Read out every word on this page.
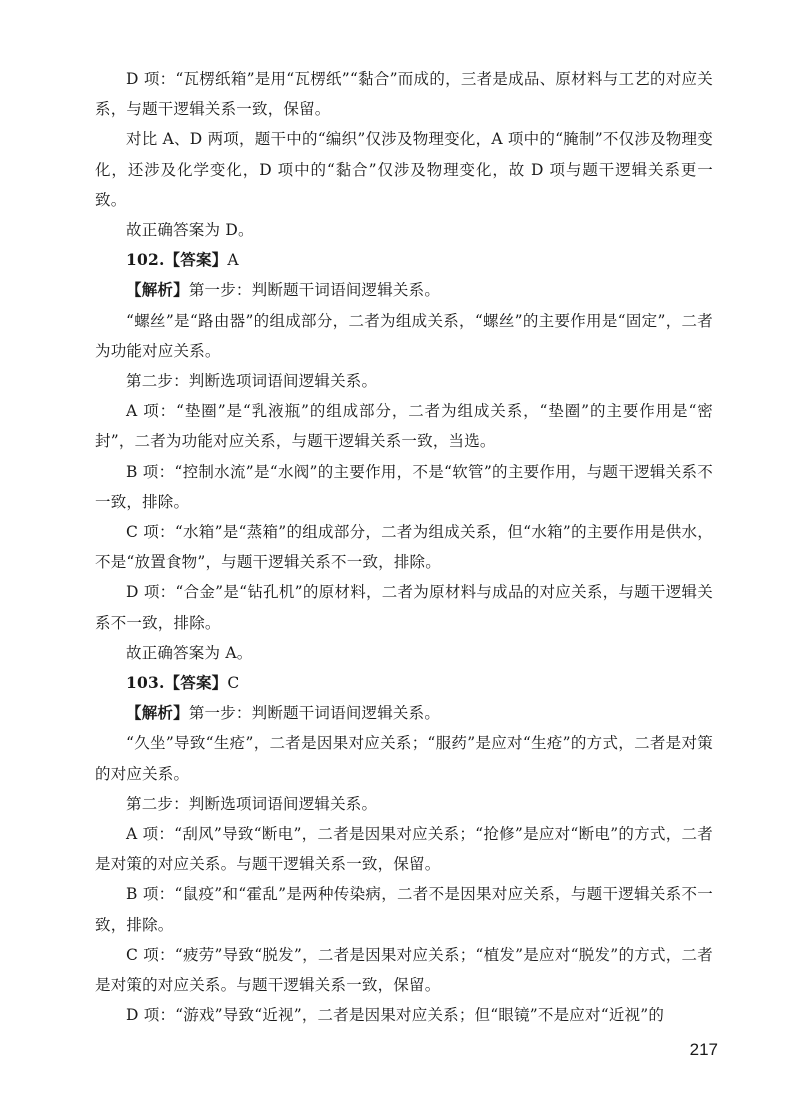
D 项：“瓦楞纸箱”是用“瓦楞纸”“黏合”而成的，三者是成品、原材料与工艺的对应关系，与题干逻辑关系一致，保留。

对比 A、D 两项，题干中的“编织”仅涉及物理变化，A 项中的“腌制”不仅涉及物理变化，还涉及化学变化，D 项中的“黏合”仅涉及物理变化，故 D 项与题干逻辑关系更一致。

故正确答案为 D。

102.【答案】A

【解析】第一步：判断题干词语间逻辑关系。

“螺丝”是“路由器”的组成部分，二者为组成关系，“螺丝”的主要作用是“固定”，二者为功能对应关系。

第二步：判断选项词语间逻辑关系。

A 项：“垫圈”是“乳液瓶”的组成部分，二者为组成关系，“垫圈”的主要作用是“密封”，二者为功能对应关系，与题干逻辑关系一致，当选。

B 项：“控制水流”是“水阀”的主要作用，不是“软管”的主要作用，与题干逻辑关系不一致，排除。

C 项：“水箱”是“蒸箱”的组成部分，二者为组成关系，但“水箱”的主要作用是供水，不是“放置食物”，与题干逻辑关系不一致，排除。

D 项：“合金”是“钻孔机”的原材料，二者为原材料与成品的对应关系，与题干逻辑关系不一致，排除。

故正确答案为 A。

103.【答案】C

【解析】第一步：判断题干词语间逻辑关系。

“久坐”导致“生疮”，二者是因果对应关系；“服药”是应对“生疮”的方式，二者是对策的对应关系。

第二步：判断选项词语间逻辑关系。

A 项：“刮风”导致“断电”，二者是因果对应关系；“抢修”是应对“断电”的方式，二者是对策的对应关系。与题干逻辑关系一致，保留。

B 项：“鼠疫”和“霍乱”是两种传染病，二者不是因果对应关系，与题干逻辑关系不一致，排除。

C 项：“疲劳”导致“脱发”，二者是因果对应关系；“植发”是应对“脱发”的方式，二者是对策的对应关系。与题干逻辑关系一致，保留。

D 项：“游戏”导致“近视”，二者是因果对应关系；但“眼镜”不是应对“近视”的

217
